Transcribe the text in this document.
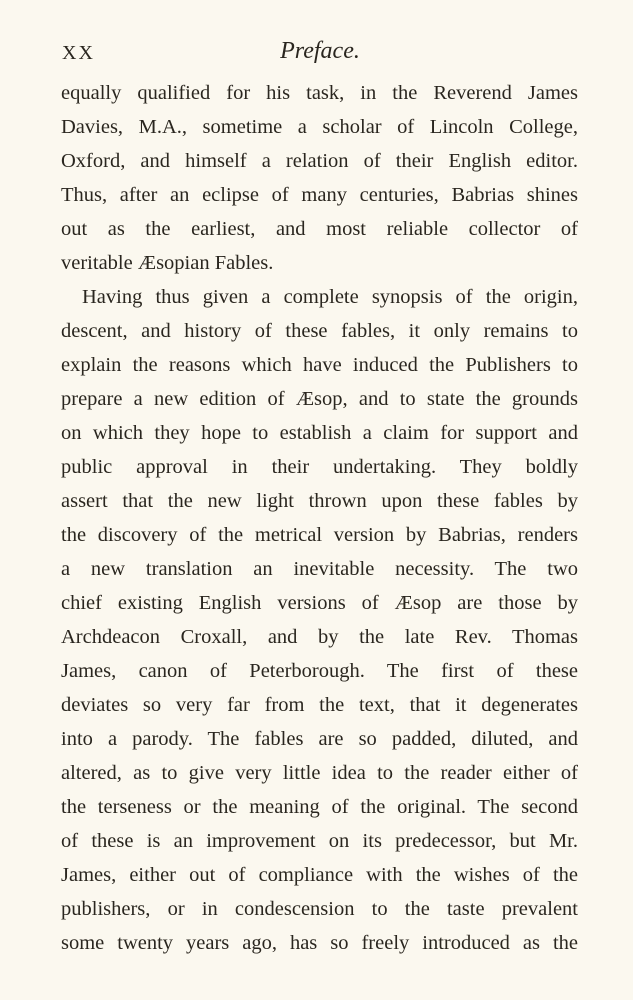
XX	Preface.
equally qualified for his task, in the Reverend James
Davies, M.A., sometime a scholar of Lincoln College,
Oxford, and himself a relation of their English editor.
Thus, after an eclipse of many centuries, Babrias shines
out as the earliest, and most reliable collector of
veritable Æsopian Fables.
Having thus given a complete synopsis of the origin,
descent, and history of these fables, it only remains to
explain the reasons which have induced the Publishers to
prepare a new edition of Æsop, and to state the grounds
on which they hope to establish a claim for support and
public approval in their undertaking. They boldly
assert that the new light thrown upon these fables by
the discovery of the metrical version by Babrias, renders
a new translation an inevitable necessity. The two
chief existing English versions of Æsop are those by
Archdeacon Croxall, and by the late Rev. Thomas
James, canon of Peterborough. The first of these
deviates so very far from the text, that it degenerates
into a parody. The fables are so padded, diluted, and
altered, as to give very little idea to the reader either of
the terseness or the meaning of the original. The second
of these is an improvement on its predecessor, but Mr.
James, either out of compliance with the wishes of the
publishers, or in condescension to the taste prevalent
some twenty years ago, has so freely introduced as the
